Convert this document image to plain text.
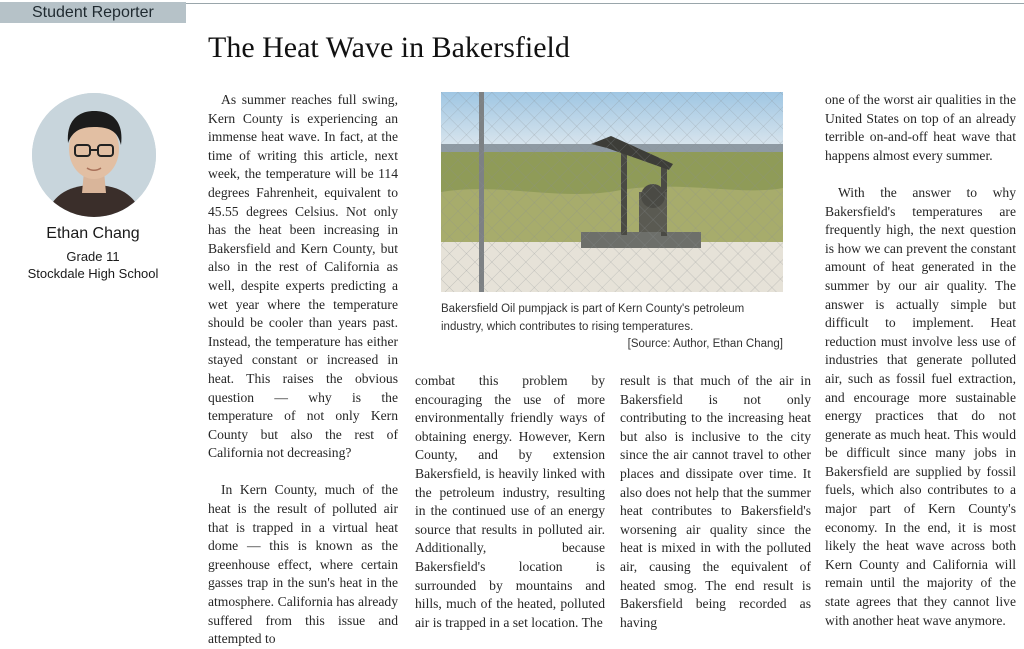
Student Reporter
The Heat Wave in Bakersfield
Ethan Chang
Grade 11
Stockdale High School

As summer reaches full swing, Kern County is experiencing an immense heat wave. In fact, at the time of writing this article, next week, the temperature will be 114 degrees Fahrenheit, equivalent to 45.55 degrees Celsius. Not only has the heat been increasing in Bakersfield and Kern County, but also in the rest of California as well, despite experts predicting a wet year where the temperature should be cooler than years past. Instead, the temperature has either stayed constant or increased in heat. This raises the obvious question — why is the temperature of not only Kern County but also the rest of California not decreasing?

In Kern County, much of the heat is the result of polluted air that is trapped in a virtual heat dome — this is known as the greenhouse effect, where certain gasses trap in the sun's heat in the atmosphere. California has already suffered from this issue and attempted to

Bakersfield Oil pumpjack is part of Kern County's petroleum industry, which contributes to rising temperatures.
[Source: Author, Ethan Chang]

combat this problem by encouraging the use of more environmentally friendly ways of obtaining energy. However, Kern County, and by extension Bakersfield, is heavily linked with the petroleum industry, resulting in the continued use of an energy source that results in polluted air. Additionally, because Bakersfield's location is surrounded by mountains and hills, much of the heated, polluted air is trapped in a set location. The

result is that much of the air in Bakersfield is not only contributing to the increasing heat but also is inclusive to the city since the air cannot travel to other places and dissipate over time. It also does not help that the summer heat contributes to Bakersfield's worsening air quality since the heat is mixed in with the polluted air, causing the equivalent of heated smog. The end result is Bakersfield being recorded as having

one of the worst air qualities in the United States on top of an already terrible on-and-off heat wave that happens almost every summer.

With the answer to why Bakersfield's temperatures are frequently high, the next question is how we can prevent the constant amount of heat generated in the summer by our air quality. The answer is actually simple but difficult to implement. Heat reduction must involve less use of industries that generate polluted air, such as fossil fuel extraction, and encourage more sustainable energy practices that do not generate as much heat. This would be difficult since many jobs in Bakersfield are supplied by fossil fuels, which also contributes to a major part of Kern County's economy. In the end, it is most likely the heat wave across both Kern County and California will remain until the majority of the state agrees that they cannot live with another heat wave anymore.
